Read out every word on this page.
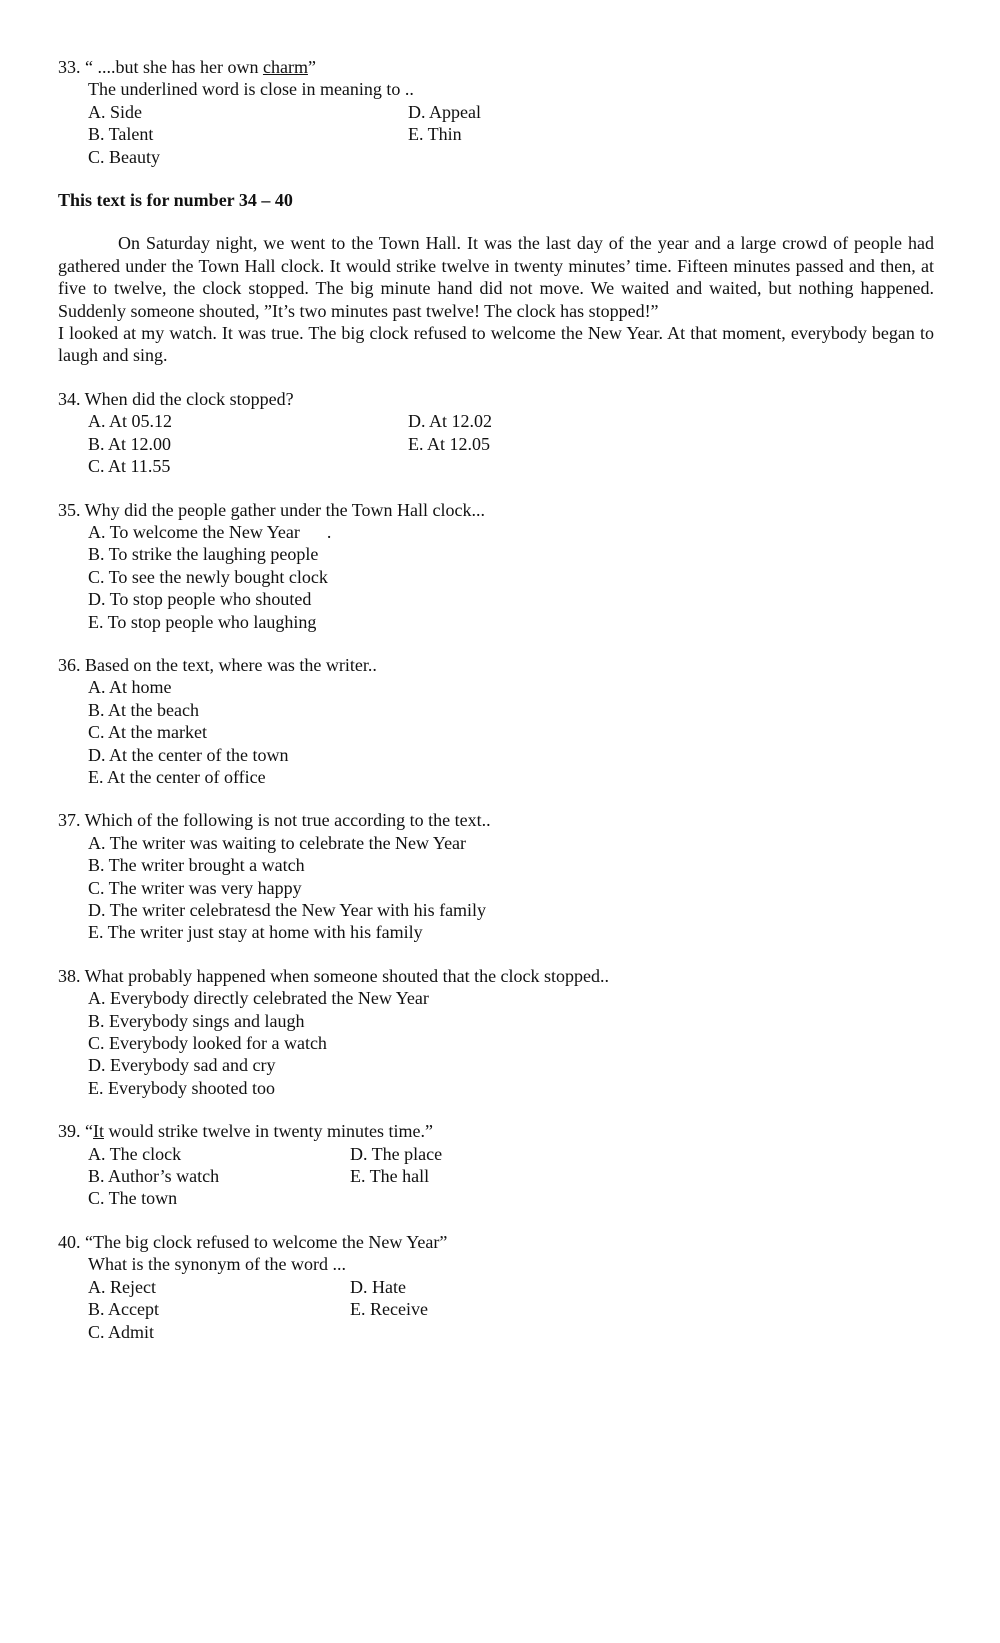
33. “ ....but she has her own charm”
The underlined word is close in meaning to ..
A. Side	D. Appeal
B. Talent	E. Thin
C. Beauty
This text is for number 34 – 40

On Saturday night, we went to the Town Hall. It was the last day of the year and a large crowd of people had gathered under the Town Hall clock. It would strike twelve in twenty minutes’ time. Fifteen minutes passed and then, at five to twelve, the clock stopped. The big minute hand did not move. We waited and waited, but nothing happened. Suddenly someone shouted, ”It’s two minutes past twelve! The clock has stopped!”

I looked at my watch. It was true. The big clock refused to welcome the New Year. At that moment, everybody began to laugh and sing.

34. When did the clock stopped?
A. At 05.12	D. At 12.02
B. At 12.00	E. At 12.05
C. At 11.55
35. Why did the people gather under the Town Hall clock...
A. To welcome the New Year      .
B. To strike the laughing people
C. To see the newly bought clock
D. To stop people who shouted
E. To stop people who laughing
36. Based on the text, where was the writer..
A. At home
B. At the beach
C. At the market
D. At the center of the town
E. At the center of office
37. Which of the following is not true according to the text..
A. The writer was waiting to celebrate the New Year
B. The writer brought a watch
C. The writer was very happy
D. The writer celebratesd the New Year with his family
E. The writer just stay at home with his family
38. What probably happened when someone shouted that the clock stopped..
A. Everybody directly celebrated the New Year
B. Everybody sings and laugh
C. Everybody looked for a watch
D. Everybody sad and cry
E. Everybody shooted too
39. “It would strike twelve in twenty minutes time.”
A. The clock	D. The place
B. Author’s watch	E. The hall
C. The town
40. “The big clock refused to welcome the New Year”
What is the synonym of the word ...
A. Reject	D. Hate
B. Accept	E. Receive
C. Admit
